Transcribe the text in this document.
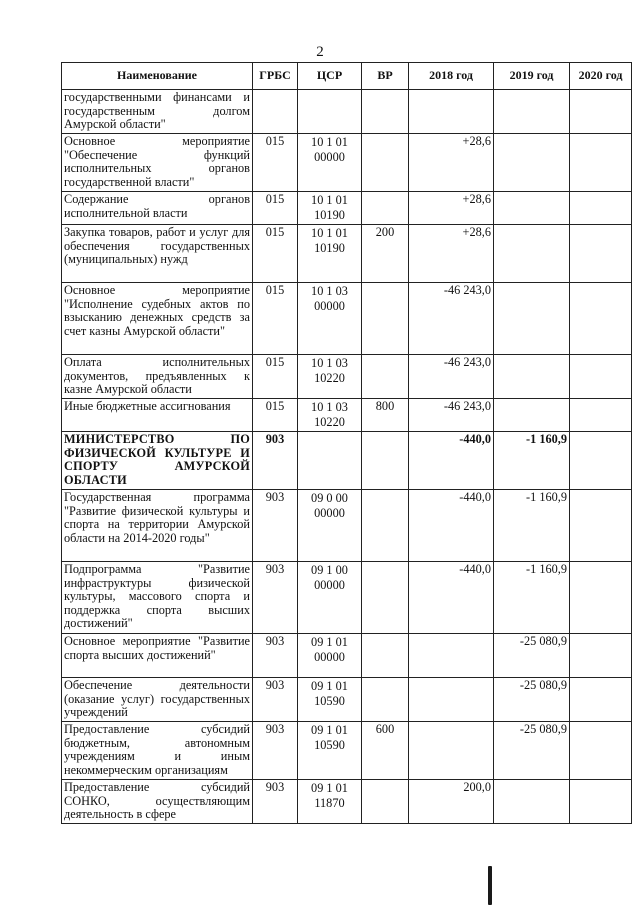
2
Наименование	ГРБС	ЦСР	ВР	2018 год	2019 год	2020 год
государственными финансами и государственным долгом Амурской области"						
Основное мероприятие "Обеспечение функций исполнительных органов государственной власти"	015	10 1 01 00000		+28,6		
Содержание органов исполнительной власти	015	10 1 01 10190		+28,6		
Закупка товаров, работ и услуг для обеспечения государственных (муниципальных) нужд	015	10 1 01 10190	200	+28,6		
Основное мероприятие "Исполнение судебных актов по взысканию денежных средств за счет казны Амурской области"	015	10 1 03 00000		-46 243,0		
Оплата исполнительных документов, предъявленных к казне Амурской области	015	10 1 03 10220		-46 243,0		
Иные бюджетные ассигнования	015	10 1 03 10220	800	-46 243,0		
МИНИСТЕРСТВО ПО ФИЗИЧЕСКОЙ КУЛЬТУРЕ И СПОРТУ АМУРСКОЙ ОБЛАСТИ	903			-440,0	-1 160,9	
Государственная программа "Развитие физической культуры и спорта на территории Амурской области на 2014-2020 годы"	903	09 0 00 00000		-440,0	-1 160,9	
Подпрограмма "Развитие инфраструктуры физической культуры, массового спорта и поддержка спорта высших достижений"	903	09 1 00 00000		-440,0	-1 160,9	
Основное мероприятие "Развитие спорта высших достижений"	903	09 1 01 00000			-25 080,9	
Обеспечение деятельности (оказание услуг) государственных учреждений	903	09 1 01 10590			-25 080,9	
Предоставление субсидий бюджетным, автономным учреждениям и иным некоммерческим организациям	903	09 1 01 10590	600		-25 080,9	
Предоставление субсидий СОНКО, осуществляющим деятельность в сфере	903	09 1 01 11870		200,0		
